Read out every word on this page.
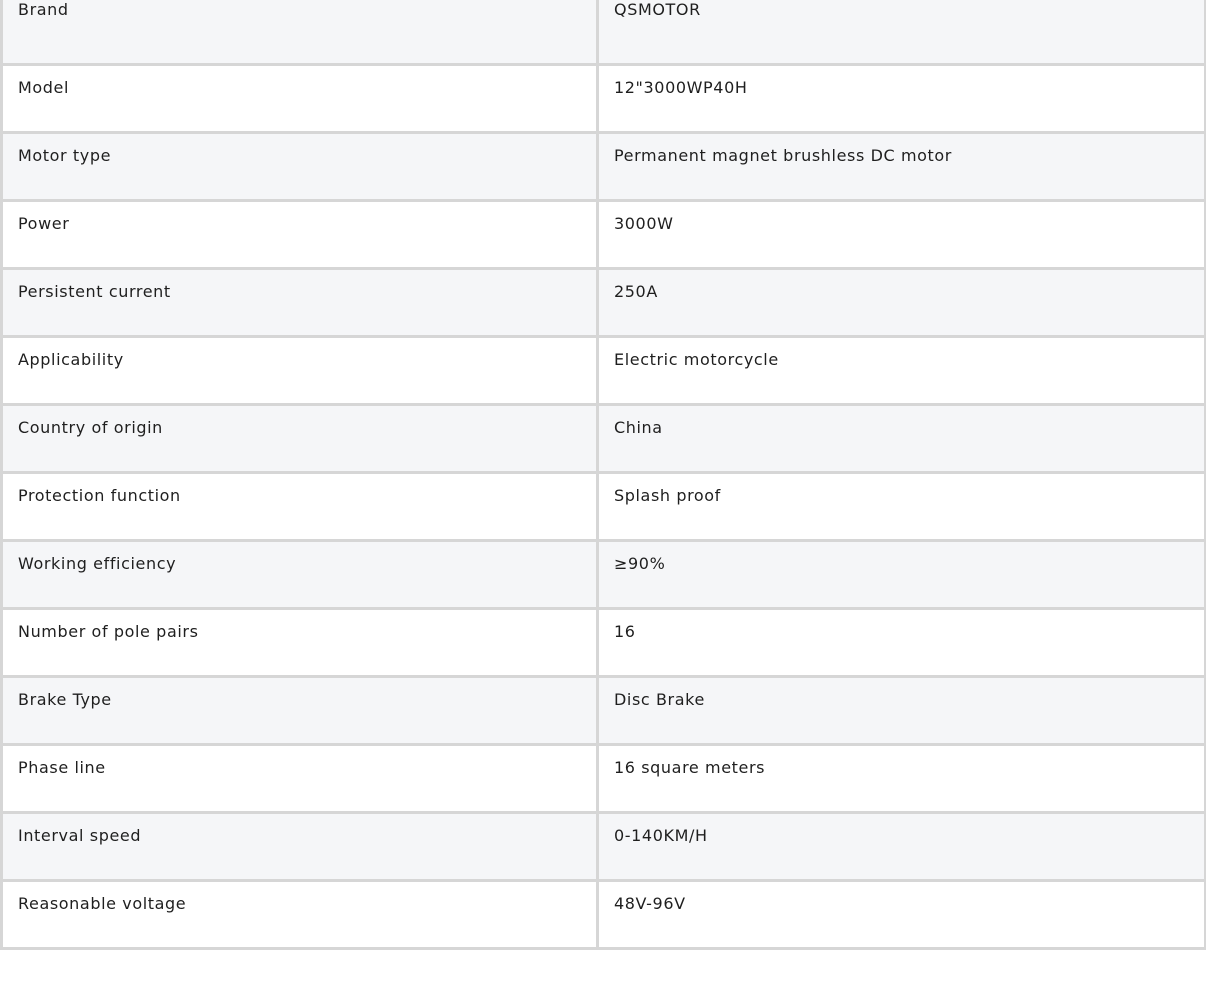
Brand	QSMOTOR
Model	12"3000WP40H
Motor type	Permanent magnet brushless DC motor
Power	3000W
Persistent current	250A
Applicability	Electric motorcycle
Country of origin	China
Protection function	Splash proof
Working efficiency	≥90%
Number of pole pairs	16
Brake Type	Disc Brake
Phase line	16 square meters
Interval speed	0-140KM/H
Reasonable voltage	48V-96V
